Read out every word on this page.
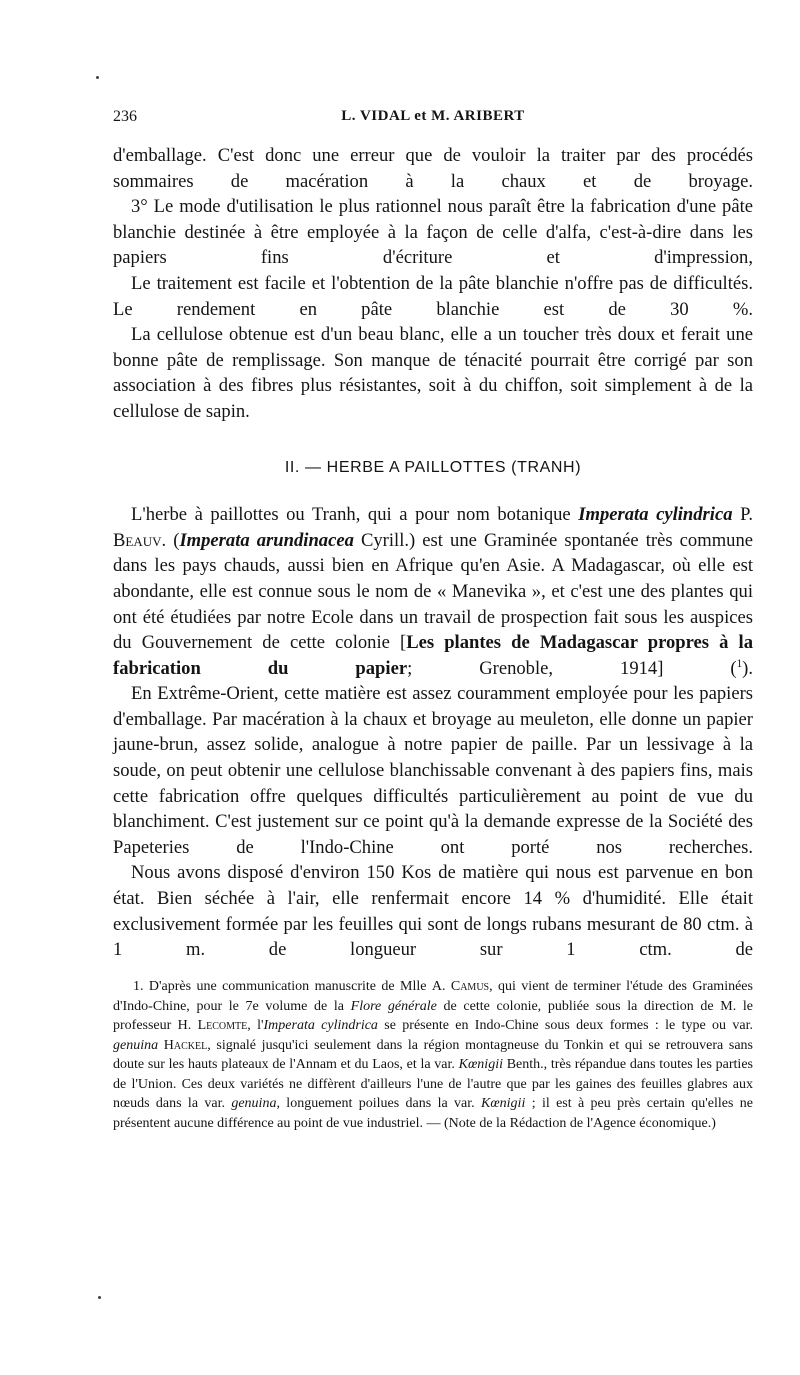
236	L. VIDAL et M. ARIBERT

d'emballage. C'est donc une erreur que de vouloir la traiter par des procédés sommaires de macération à la chaux et de broyage.

3° Le mode d'utilisation le plus rationnel nous paraît être la fabrication d'une pâte blanchie destinée à être employée à la façon de celle d'alfa, c'est-à-dire dans les papiers fins d'écriture et d'impression,

Le traitement est facile et l'obtention de la pâte blanchie n'offre pas de difficultés. Le rendement en pâte blanchie est de 30 %.

La cellulose obtenue est d'un beau blanc, elle a un toucher très doux et ferait une bonne pâte de remplissage. Son manque de ténacité pourrait être corrigé par son association à des fibres plus résistantes, soit à du chiffon, soit simplement à de la cellulose de sapin.

II. — HERBE A PAILLOTTES (TRANH)

L'herbe à paillottes ou Tranh, qui a pour nom botanique Imperata cylindrica P. Beauv. (Imperata arundinacea Cyrill.) est une Graminée spontanée très commune dans les pays chauds, aussi bien en Afrique qu'en Asie. A Madagascar, où elle est abondante, elle est connue sous le nom de « Manevika », et c'est une des plantes qui ont été étudiées par notre Ecole dans un travail de prospection fait sous les auspices du Gouvernement de cette colonie [Les plantes de Madagascar propres à la fabrication du papier; Grenoble, 1914] ($^1$).

En Extrême-Orient, cette matière est assez couramment employée pour les papiers d'emballage. Par macération à la chaux et broyage au meuleton, elle donne un papier jaune-brun, assez solide, analogue à notre papier de paille. Par un lessivage à la soude, on peut obtenir une cellulose blanchissable convenant à des papiers fins, mais cette fabrication offre quelques difficultés particulièrement au point de vue du blanchiment. C'est justement sur ce point qu'à la demande expresse de la Société des Papeteries de l'Indo-Chine ont porté nos recherches.

Nous avons disposé d'environ 150 Kos de matière qui nous est parvenue en bon état. Bien séchée à l'air, elle renfermait encore 14 % d'humidité. Elle était exclusivement formée par les feuilles qui sont de longs rubans mesurant de 80 ctm. à 1 m. de longueur sur 1 ctm. de

1. D'après une communication manuscrite de Mlle A. Camus, qui vient de terminer l'étude des Graminées d'Indo-Chine, pour le 7e volume de la Flore générale de cette colonie, publiée sous la direction de M. le professeur H. Lecomte, l'Imperata cylindrica se présente en Indo-Chine sous deux formes : le type ou var. genuina Hackel, signalé jusqu'ici seulement dans la région montagneuse du Tonkin et qui se retrouvera sans doute sur les hauts plateaux de l'Annam et du Laos, et la var. Kœnigii Benth., très répandue dans toutes les parties de l'Union. Ces deux variétés ne diffèrent d'ailleurs l'une de l'autre que par les gaines des feuilles glabres aux nœuds dans la var. genuina, longuement poilues dans la var. Kœnigii ; il est à peu près certain qu'elles ne présentent aucune différence au point de vue industriel. — (Note de la Rédaction de l'Agence économique.)
